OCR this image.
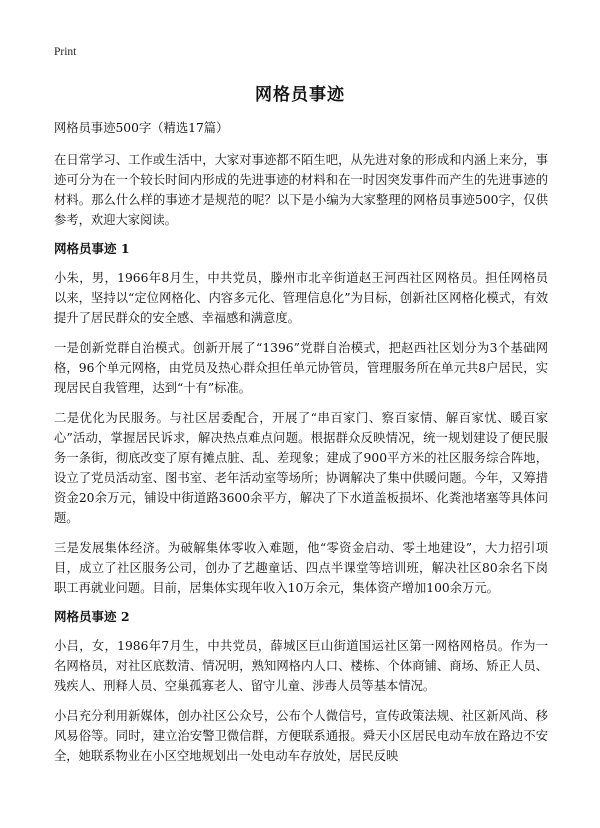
Print
网格员事迹

网格员事迹500字（精选17篇）

在日常学习、工作或生活中，大家对事迹都不陌生吧，从先进对象的形成和内涵上来分，事迹可分为在一个较长时间内形成的先进事迹的材料和在一时因突发事件而产生的先进事迹的材料。那么什么样的事迹才是规范的呢？以下是小编为大家整理的网格员事迹500字，仅供参考，欢迎大家阅读。

网格员事迹 1

小朱，男，1966年8月生，中共党员，滕州市北辛街道赵王河西社区网格员。担任网格员以来，坚持以“定位网格化、内容多元化、管理信息化”为目标，创新社区网格化模式，有效提升了居民群众的安全感、幸福感和满意度。

一是创新党群自治模式。创新开展了“1396”党群自治模式，把赵西社区划分为3个基础网格，96个单元网格，由党员及热心群众担任单元协管员，管理服务所在单元共8户居民，实现居民自我管理，达到“十有”标准。

二是优化为民服务。与社区居委配合，开展了“串百家门、察百家情、解百家忧、暖百家心”活动，掌握居民诉求，解决热点难点问题。根据群众反映情况，统一规划建设了便民服务一条街，彻底改变了原有摊点脏、乱、差现象；建成了900平方米的社区服务综合阵地，设立了党员活动室、图书室、老年活动室等场所；协调解决了集中供暖问题。今年，又筹措资金20余万元，铺设中街道路3600余平方，解决了下水道盖板损坏、化粪池堵塞等具体问题。

三是发展集体经济。为破解集体零收入难题，他“零资金启动、零土地建设”，大力招引项目，成立了社区服务公司，创办了艺趣童话、四点半课堂等培训班，解决社区80余名下岗职工再就业问题。目前，居集体实现年收入10万余元，集体资产增加100余万元。

网格员事迹 2

小吕，女，1986年7月生，中共党员，薛城区巨山街道国运社区第一网格网格员。作为一名网格员，对社区底数清、情况明，熟知网格内人口、楼栋、个体商铺、商场、矫正人员、残疾人、刑释人员、空巢孤寡老人、留守儿童、涉毒人员等基本情况。

小吕充分利用新媒体，创办社区公众号，公布个人微信号，宣传政策法规、社区新风尚、移风易俗等。同时，建立治安警卫微信群，方便联系通报。舜天小区居民电动车放在路边不安全，她联系物业在小区空地规划出一处电动车存放处，居民反映
